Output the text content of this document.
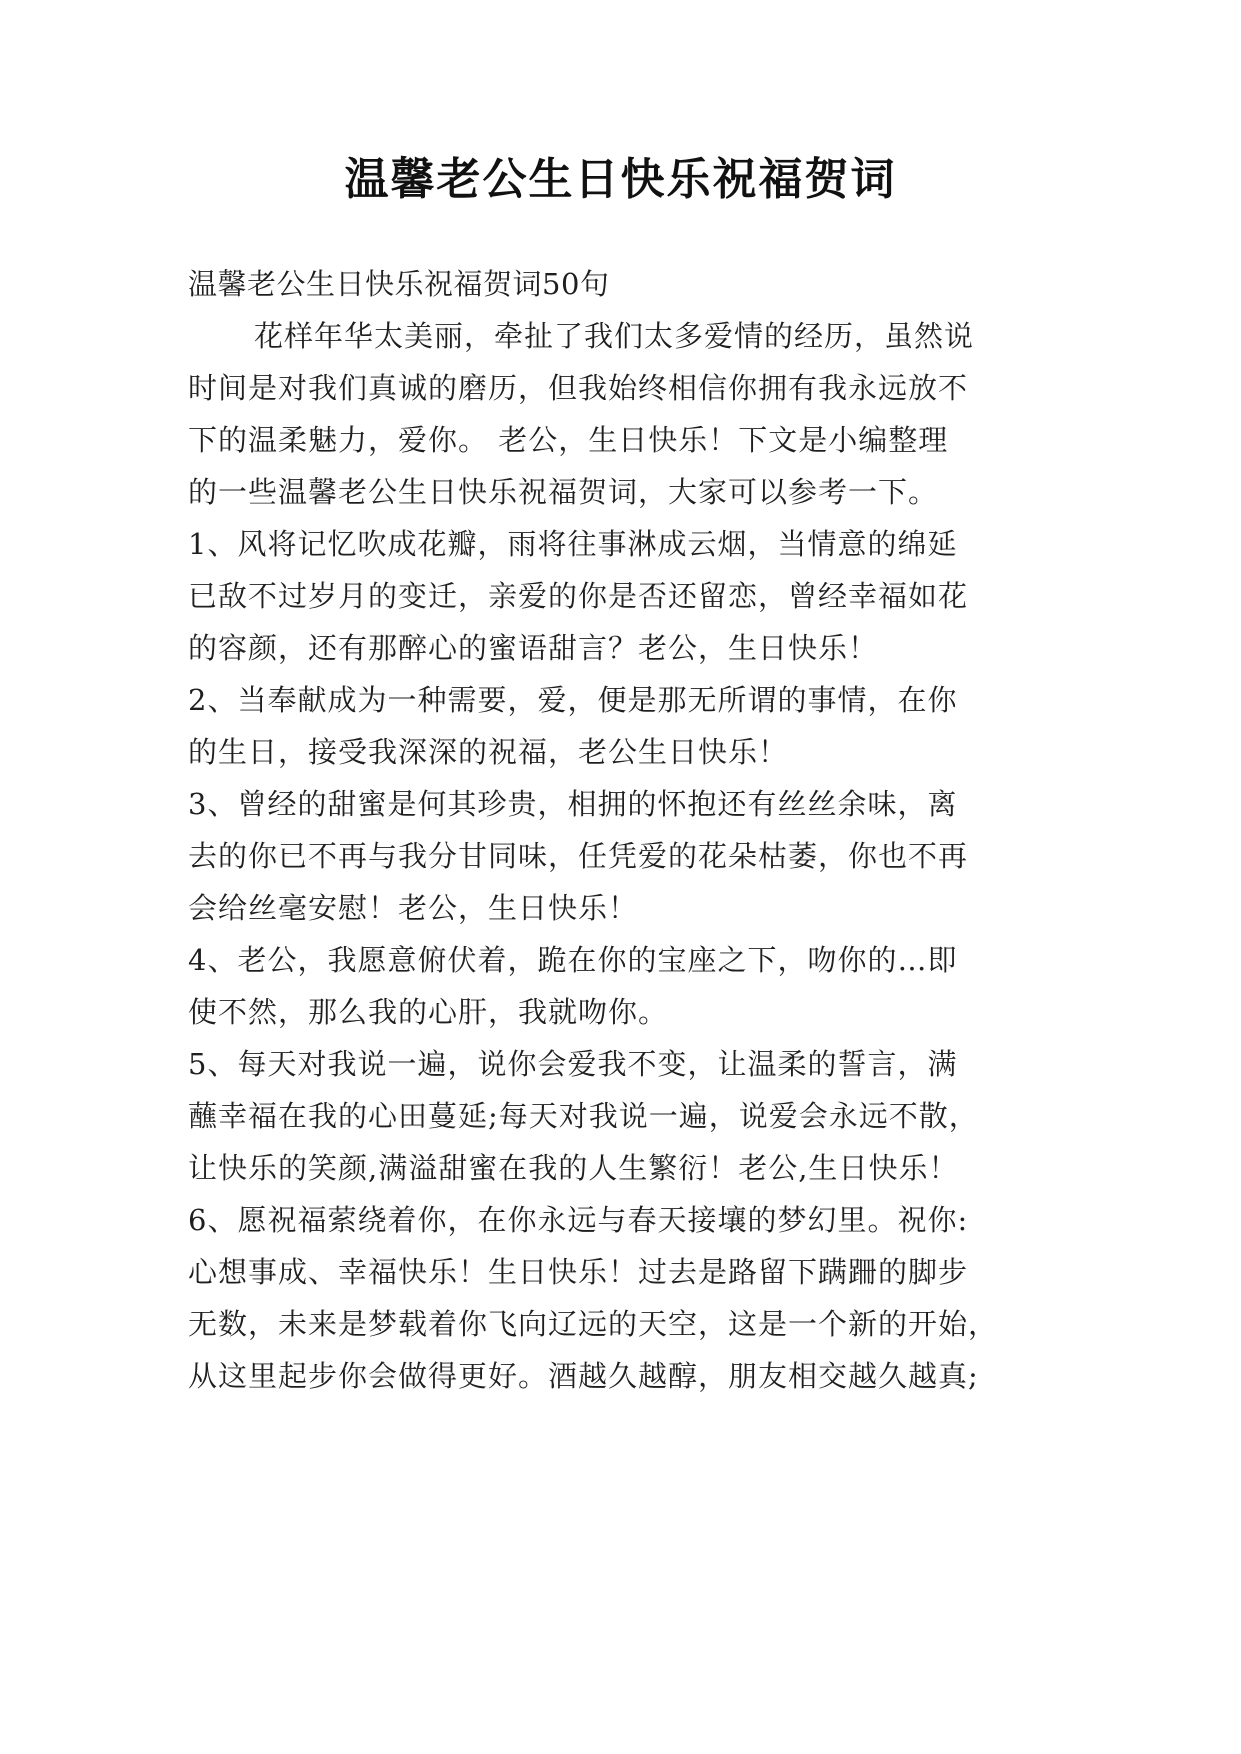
温馨老公生日快乐祝福贺词
温馨老公生日快乐祝福贺词50句
花样年华太美丽，牵扯了我们太多爱情的经历，虽然说
时间是对我们真诚的磨历，但我始终相信你拥有我永远放不
下的温柔魅力，爱你。 老公，生日快乐！下文是小编整理
的一些温馨老公生日快乐祝福贺词，大家可以参考一下。
1、风将记忆吹成花瓣，雨将往事淋成云烟，当情意的绵延
已敌不过岁月的变迁，亲爱的你是否还留恋，曾经幸福如花
的容颜，还有那醉心的蜜语甜言？老公，生日快乐！
2、当奉献成为一种需要，爱，便是那无所谓的事情，在你
的生日，接受我深深的祝福，老公生日快乐！
3、曾经的甜蜜是何其珍贵，相拥的怀抱还有丝丝余味，离
去的你已不再与我分甘同味，任凭爱的花朵枯萎，你也不再
会给丝毫安慰！老公，生日快乐！
4、老公，我愿意俯伏着，跪在你的宝座之下，吻你的…即
使不然，那么我的心肝，我就吻你。
5、每天对我说一遍，说你会爱我不变，让温柔的誓言，满
蘸幸福在我的心田蔓延;每天对我说一遍，说爱会永远不散，
让快乐的笑颜,满溢甜蜜在我的人生繁衍！老公,生日快乐！
6、愿祝福萦绕着你，在你永远与春天接壤的梦幻里。祝你:
心想事成、幸福快乐！生日快乐！过去是路留下蹒跚的脚步
无数，未来是梦载着你飞向辽远的天空，这是一个新的开始，
从这里起步你会做得更好。酒越久越醇，朋友相交越久越真;
